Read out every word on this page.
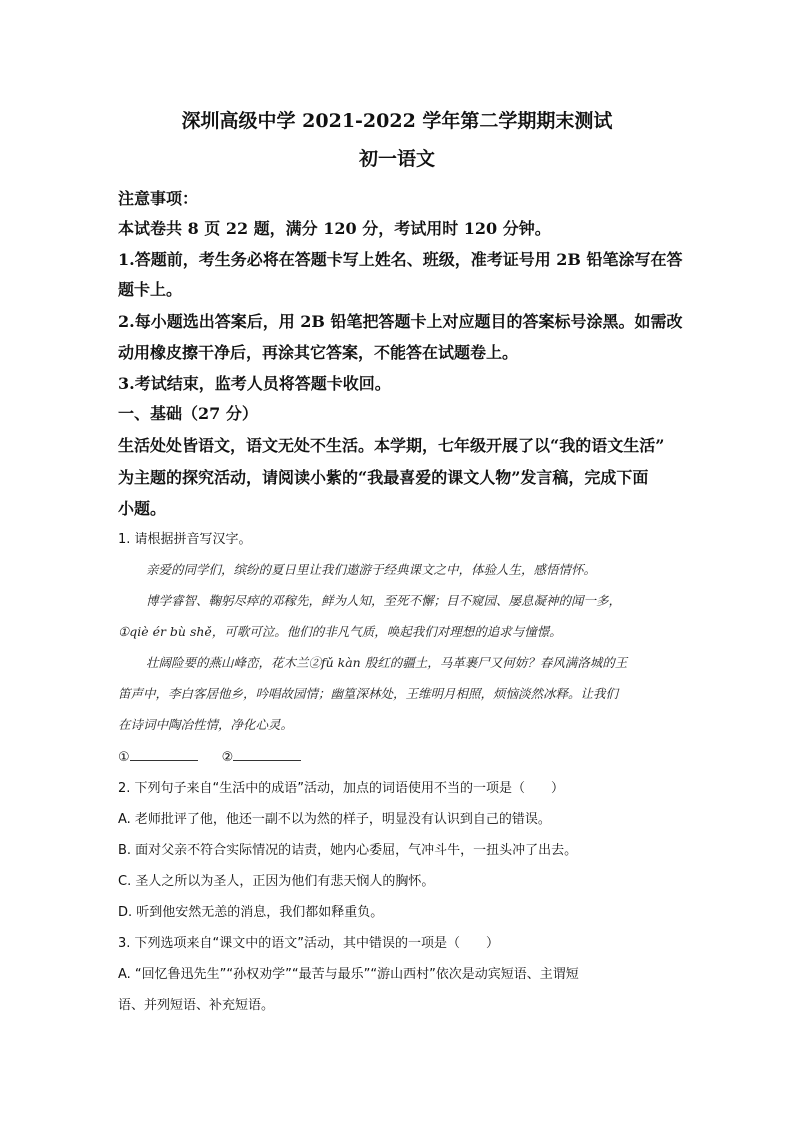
深圳高级中学 2021-2022 学年第二学期期末测试
初一语文
注意事项：
本试卷共 8 页 22 题，满分 120 分，考试用时 120 分钟。
1.答题前，考生务必将在答题卡写上姓名、班级，准考证号用 2B 铅笔涂写在答
题卡上。
2.每小题选出答案后，用 2B 铅笔把答题卡上对应题目的答案标号涂黑。如需改
动用橡皮擦干净后，再涂其它答案，不能答在试题卷上。
3.考试结束，监考人员将答题卡收回。
一、基础（27 分）
生活处处皆语文，语文无处不生活。本学期，七年级开展了以“我的语文生活”
为主题的探究活动，请阅读小紫的“我最喜爱的课文人物”发言稿，完成下面
小题。
1. 请根据拼音写汉字。
亲爱的同学们，缤纷的夏日里让我们遨游于经典课文之中，体验人生，感悟情怀。
博学睿智、鞠躬尽瘁的邓稼先，鲜为人知，至死不懈；目不窥园、屡息凝神的闻一多，
①qiè ér bù shě，可歌可泣。他们的非凡气质，唤起我们对理想的追求与憧憬。
壮阔险要的燕山峰峦，花木兰②fǔ kàn 殷红的疆土，马革裹尸又何妨？春风满洛城的王
笛声中，李白客居他乡，吟唱故园情；幽篁深林处，王维明月相照，烦恼淡然冰释。让我们
在诗词中陶冶性情，净化心灵。
①	②
2. 下列句子来自“生活中的成语”活动，加点的词语使用不当的一项是（　　）
A. 老师批评了他，他还一副不以为然的样子，明显没有认识到自己的错误。
B. 面对父亲不符合实际情况的诘责，她内心委屈，气冲斗牛，一扭头冲了出去。
C. 圣人之所以为圣人，正因为他们有悲天悯人的胸怀。
D. 听到他安然无恙的消息，我们都如释重负。
3. 下列选项来自“课文中的语文”活动，其中错误的一项是（　　）
A. “回忆鲁迅先生”“孙权劝学”“最苦与最乐”“游山西村”依次是动宾短语、主谓短
语、并列短语、补充短语。
